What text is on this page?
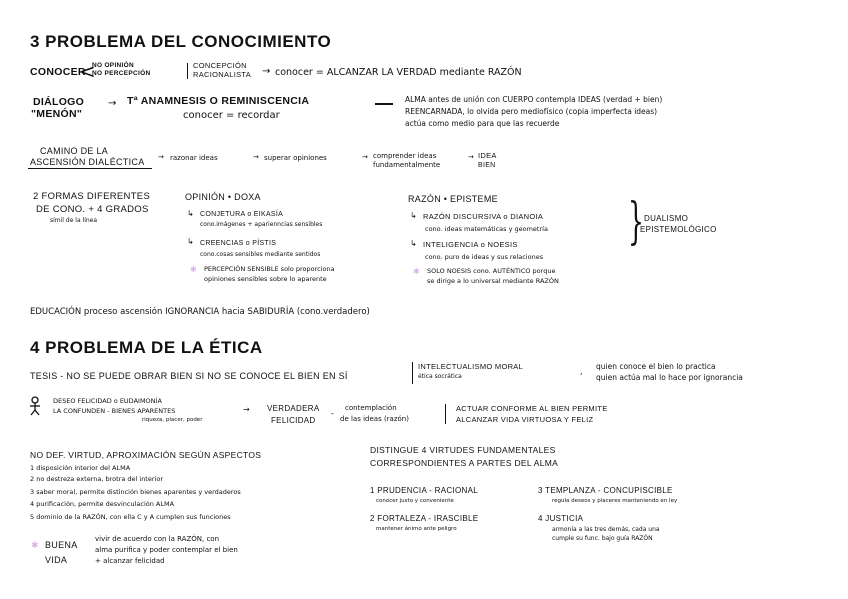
3 PROBLEMA DEL CONOCIMIENTO
CONOCER
<
NO OPINIÓN
NO PERCEPCIÓN
CONCEPCIÓN
RACIONALISTA	conocer = ALCANZAR LA VERDAD mediante RAZÓN
→
DIÁLOGO
"MENÓN"
→ Tª ANAMNESIS O REMINISCENCIA
conocer = recordar
ALMA antes de unión con CUERPO contempla IDEAS (verdad + bien)
REENCARNADA, lo olvida pero mediofísico (copia imperfecta ideas)
actúa como medio para que las recuerde
CAMINO DE LA
ASCENSIÓN DIALÉCTICA	razonar ideas
→	→ superar opiniones	→ comprender ideas
fundamentalmente
→ IDEA
BIEN
2 FORMAS DIFERENTES
DE CONO. + 4 GRADOS
símil de la línea
OPINIÓN • DOXA
↳ CONJETURA o EIKASÍA
cono.imágenes + aparienncias sensibles
↳ CREENCIAS o PÍSTIS
cono.cosas sensibles mediante sentidos
✱ PERCEPCIÓN SENSIBLE solo proporciona
opiniones sensibles sobre lo aparente
RAZÓN • EPISTEME
↳ RAZÓN DISCURSIVA o DIANOIA
cono. ideas matemáticas y geometría
↳ INTELIGENCIA o NOESIS
cono. puro de ideas y sus relaciones
✱ SOLO NOESIS cono. AUTÉNTICO porque
se dirige a lo universal mediante RAZÓN
} DUALISMO
EPISTEMOLÓGICO
EDUCACIÓN proceso ascensión IGNORANCIA hacia SABIDURÍA (cono.verdadero)
4 PROBLEMA DE LA ÉTICA
TESIS - NO SE PUEDE OBRAR BIEN SI NO SE CONOCE EL BIEN EN SÍ
INTELECTUALISMO MORAL
ética socrática
,
quien conoce el bien lo practica
quien actúa mal lo hace por ignorancia
DESEO FELICIDAD o EUDAIMONÍA
LA CONFUNDEN - BIENES APARENTES
riqueza, placer, poder
→ VERDADERA
FELICIDAD
-
contemplación
de las ideas (razón)
ACTUAR CONFORME AL BIEN PERMITE
ALCANZAR VIDA VIRTUOSA Y FELIZ
NO DEF. VIRTUD, APROXIMACIÓN SEGÚN ASPECTOS
1 disposición interior del ALMA
2 no destreza externa, brotra del interior
3 saber moral, permite distinción bienes aparentes y verdaderos
4 purificación, permite desvinculación ALMA
5 dominio de la RAZÓN, con ella C y A cumplen sus funciones
✱ BUENA
VIDA
vivir de acuerdo con la RAZÓN, con
alma purifica y poder contemplar el bien
+ alcanzar felicidad
DISTINGUE 4 VIRTUDES FUNDAMENTALES
CORRESPONDIENTES A PARTES DEL ALMA
1 PRUDENCIA - RACIONAL
conocer justo y conveniente
2 FORTALEZA - IRASCIBLE
mantener ánimo ante peligro
3 TEMPLANZA - CONCUPISCIBLE
regula deseos y placeres manteniendo en ley
4 JUSTICIA
armonía a las tres demás, cada una
cumple su func. bajo guía RAZÓN
